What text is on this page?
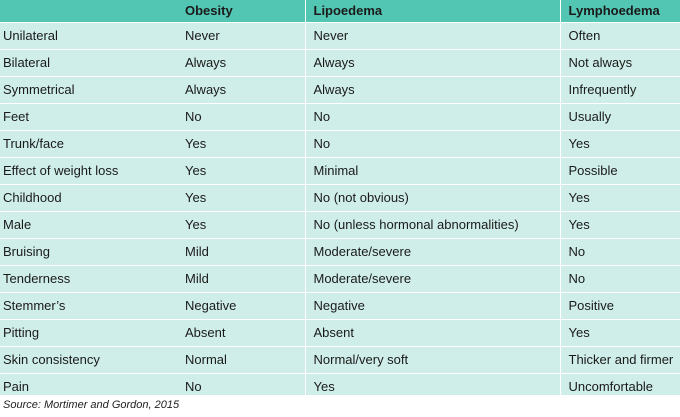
	Obesity	Lipoedema	Lymphoedema
Unilateral	Never	Never	Often
Bilateral	Always	Always	Not always
Symmetrical	Always	Always	Infrequently
Feet	No	No	Usually
Trunk/face	Yes	No	Yes
Effect of weight loss	Yes	Minimal	Possible
Childhood	Yes	No (not obvious)	Yes
Male	Yes	No (unless hormonal abnormalities)	Yes
Bruising	Mild	Moderate/severe	No
Tenderness	Mild	Moderate/severe	No
Stemmer’s	Negative	Negative	Positive
Pitting	Absent	Absent	Yes
Skin consistency	Normal	Normal/very soft	Thicker and firmer
Pain	No	Yes	Uncomfortable
Source: Mortimer and Gordon, 2015
